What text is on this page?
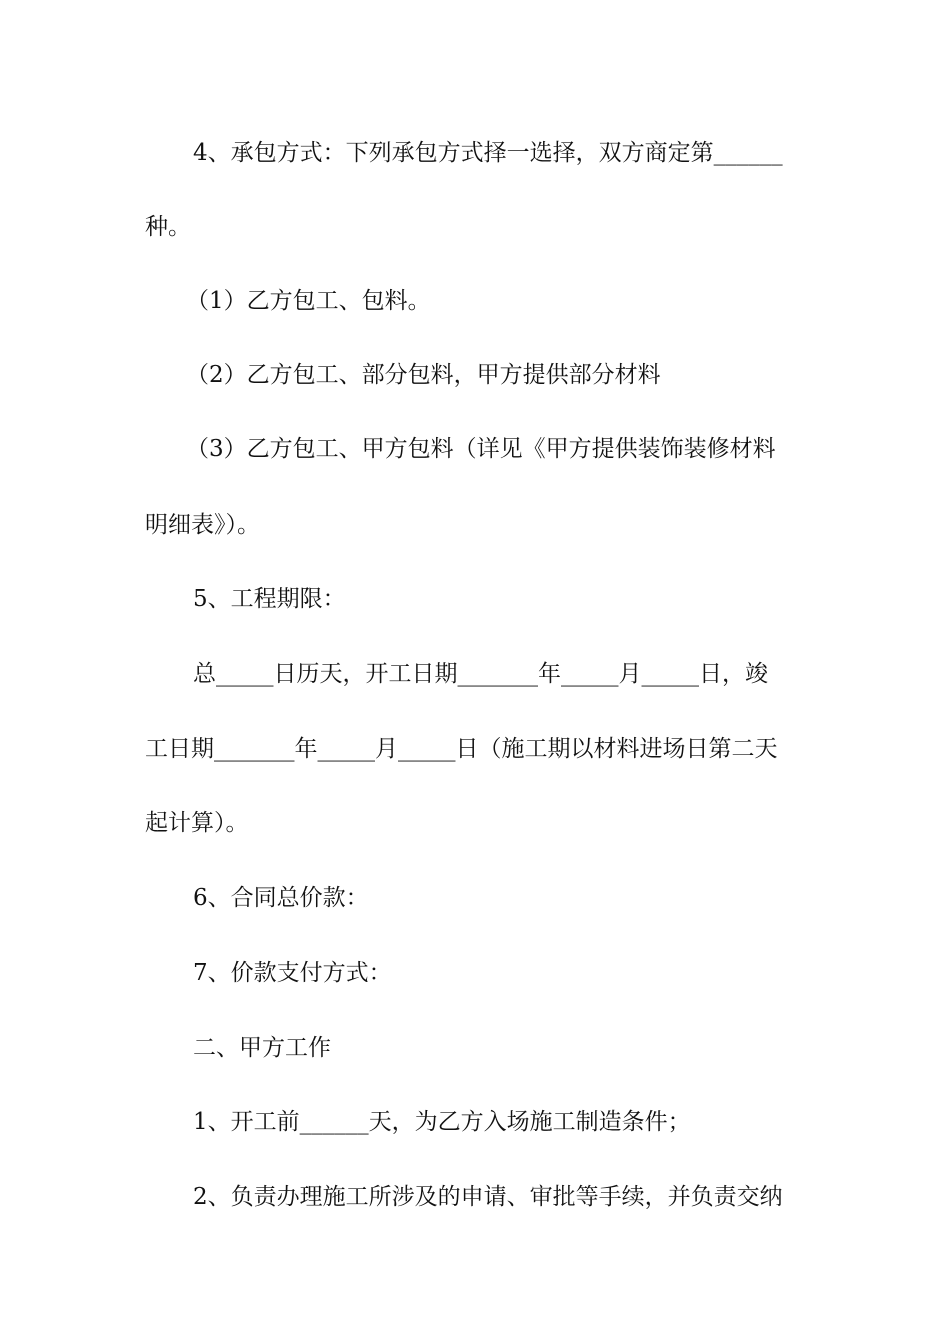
4、承包方式：下列承包方式择一选择，双方商定第______
种。
（1）乙方包工、包料。
（2）乙方包工、部分包料，甲方提供部分材料
（3）乙方包工、甲方包料（详见《甲方提供装饰装修材料
明细表》）。
5、工程期限：
总_____日历天，开工日期_______年_____月_____日，竣
工日期_______年_____月_____日（施工期以材料进场日第二天
起计算）。
6、合同总价款：
7、价款支付方式：
二、甲方工作
1、开工前______天，为乙方入场施工制造条件；
2、负责办理施工所涉及的申请、审批等手续，并负责交纳
